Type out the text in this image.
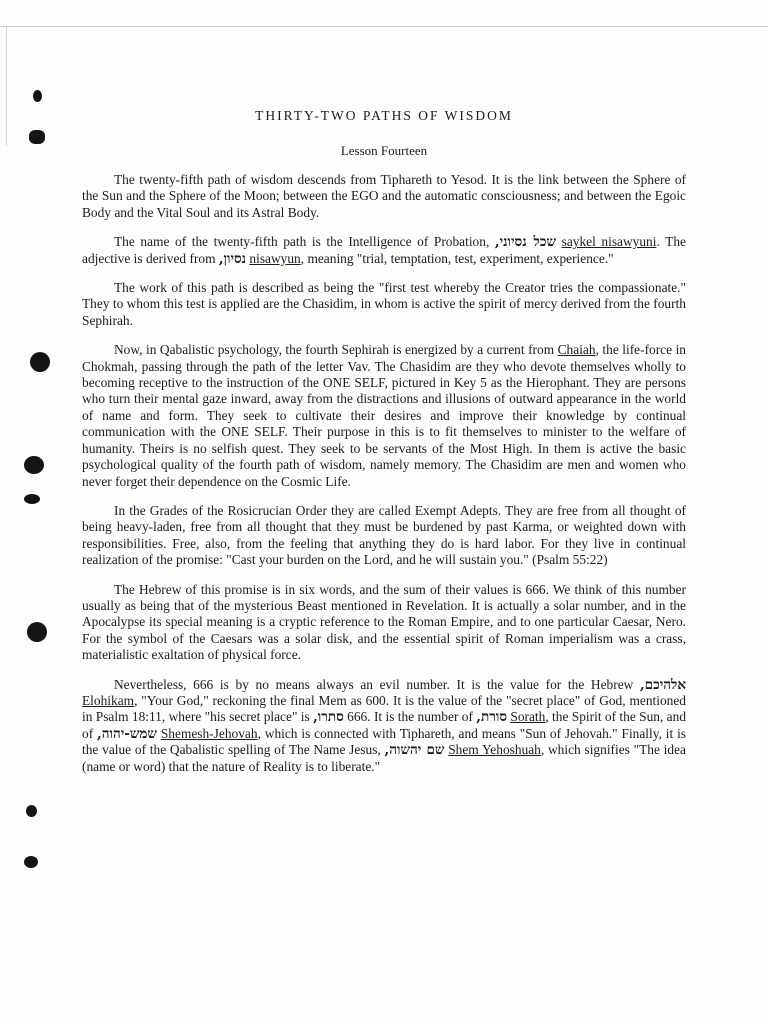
THIRTY-TWO PATHS OF WISDOM
Lesson Fourteen

The twenty-fifth path of wisdom descends from Tiphareth to Yesod. It is the link between the Sphere of the Sun and the Sphere of the Moon; between the EGO and the automatic consciousness; and between the Egoic Body and the Vital Soul and its Astral Body.

The name of the twenty-fifth path is the Intelligence of Probation, שכל נסיוני, saykel nisawyuni. The adjective is derived from נסיון, nisawyun, meaning "trial, temptation, test, experiment, experience."

The work of this path is described as being the "first test whereby the Creator tries the compassionate." They to whom this test is applied are the Chasidim, in whom is active the spirit of mercy derived from the fourth Sephirah.

Now, in Qabalistic psychology, the fourth Sephirah is energized by a current from Chaiah, the life-force in Chokmah, passing through the path of the letter Vav. The Chasidim are they who devote themselves wholly to becoming receptive to the instruction of the ONE SELF, pictured in Key 5 as the Hierophant. They are persons who turn their mental gaze inward, away from the distractions and illusions of outward appearance in the world of name and form. They seek to cultivate their desires and improve their knowledge by continual communication with the ONE SELF. Their purpose in this is to fit themselves to minister to the welfare of humanity. Theirs is no selfish quest. They seek to be servants of the Most High. In them is active the basic psychological quality of the fourth path of wisdom, namely memory. The Chasidim are men and women who never forget their dependence on the Cosmic Life.

In the Grades of the Rosicrucian Order they are called Exempt Adepts. They are free from all thought of being heavy-laden, free from all thought that they must be burdened by past Karma, or weighted down with responsibilities. Free, also, from the feeling that anything they do is hard labor. For they live in continual realization of the promise: "Cast your burden on the Lord, and he will sustain you." (Psalm 55:22)

The Hebrew of this promise is in six words, and the sum of their values is 666. We think of this number usually as being that of the mysterious Beast mentioned in Revelation. It is actually a solar number, and in the Apocalypse its special meaning is a cryptic reference to the Roman Empire, and to one particular Caesar, Nero. For the symbol of the Caesars was a solar disk, and the essential spirit of Roman imperialism was a crass, materialistic exaltation of physical force.

Nevertheless, 666 is by no means always an evil number. It is the value for the Hebrew אלהיכם, Elohikam, "Your God," reckoning the final Mem as 600. It is the value of the "secret place" of God, mentioned in Psalm 18:11, where "his secret place" is סתרו, 666. It is the number of סורת, Sorath, the Spirit of the Sun, and of שמש-יהוה, Shemesh-Jehovah, which is connected with Tiphareth, and means "Sun of Jehovah." Finally, it is the value of the Qabalistic spelling of The Name Jesus, שם יהשוה, Shem Yehoshuah, which signifies "The idea (name or word) that the nature of Reality is to liberate."
